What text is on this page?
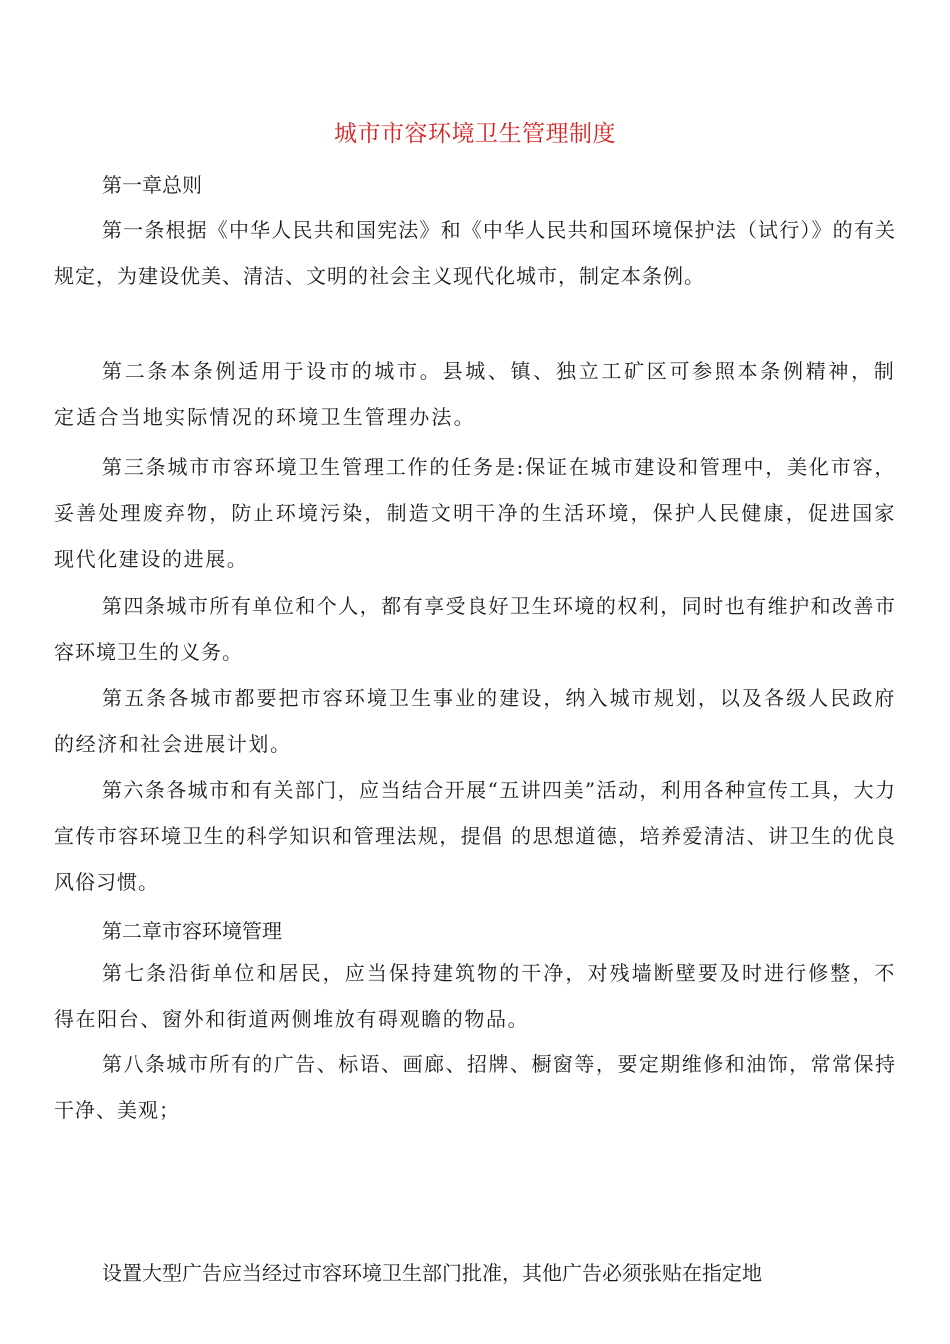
城市市容环境卫生管理制度
第一章总则
第一条根据《中华人民共和国宪法》和《中华人民共和国环境保护法（试行）》的有关规定，为建设优美、清洁、文明的社会主义现代化城市，制定本条例。
第二条本条例适用于设市的城市。县城、镇、独立工矿区可参照本条例精神，制定适合当地实际情况的环境卫生管理办法。
第三条城市市容环境卫生管理工作的任务是:保证在城市建设和管理中，美化市容，妥善处理废弃物，防止环境污染，制造文明干净的生活环境，保护人民健康，促进国家现代化建设的进展。
第四条城市所有单位和个人，都有享受良好卫生环境的权利，同时也有维护和改善市容环境卫生的义务。
第五条各城市都要把市容环境卫生事业的建设，纳入城市规划，以及各级人民政府的经济和社会进展计划。
第六条各城市和有关部门，应当结合开展“五讲四美”活动，利用各种宣传工具，大力宣传市容环境卫生的科学知识和管理法规，提倡 的思想道德，培养爱清洁、讲卫生的优良风俗习惯。
第二章市容环境管理
第七条沿街单位和居民，应当保持建筑物的干净，对残墙断壁要及时进行修整，不得在阳台、窗外和街道两侧堆放有碍观瞻的物品。
第八条城市所有的广告、标语、画廊、招牌、橱窗等，要定期维修和油饰，常常保持干净、美观；
设置大型广告应当经过市容环境卫生部门批准，其他广告必须张贴在指定地
